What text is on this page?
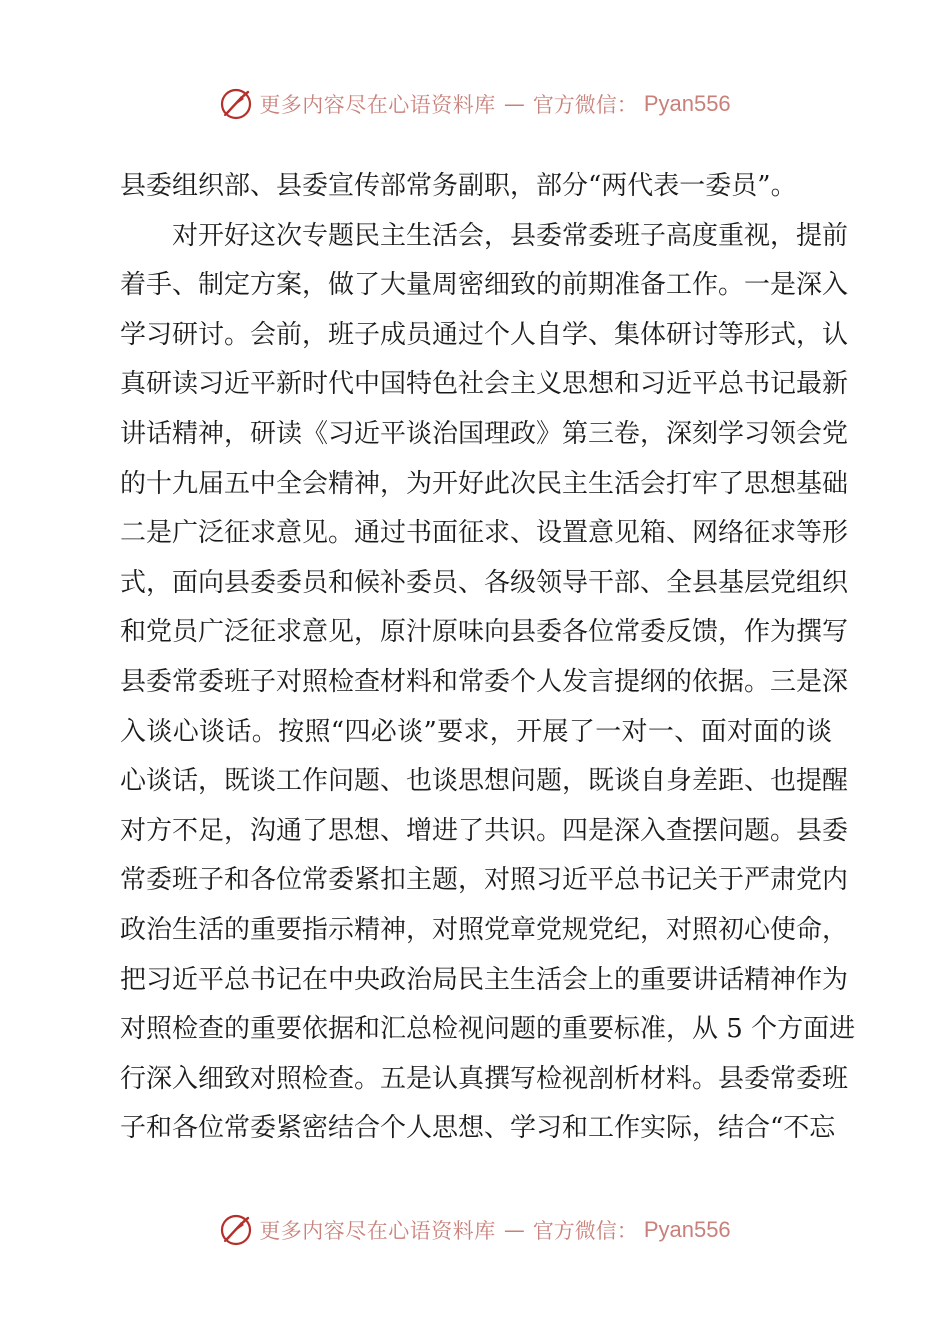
更多内容尽在心语资料库 — 官方微信： Pyan556
县委组织部、县委宣传部常务副职，部分“两代表一委员”。
对开好这次专题民主生活会，县委常委班子高度重视，提前
着手、制定方案，做了大量周密细致的前期准备工作。一是深入
学习研讨。会前，班子成员通过个人自学、集体研讨等形式，认
真研读习近平新时代中国特色社会主义思想和习近平总书记最新
讲话精神，研读《习近平谈治国理政》第三卷，深刻学习领会党
的十九届五中全会精神，为开好此次民主生活会打牢了思想基础
二是广泛征求意见。通过书面征求、设置意见箱、网络征求等形
式，面向县委委员和候补委员、各级领导干部、全县基层党组织
和党员广泛征求意见，原汁原味向县委各位常委反馈，作为撰写
县委常委班子对照检查材料和常委个人发言提纲的依据。三是深
入谈心谈话。按照“四必谈”要求，开展了一对一、面对面的谈
心谈话，既谈工作问题、也谈思想问题，既谈自身差距、也提醒
对方不足，沟通了思想、增进了共识。四是深入查摆问题。县委
常委班子和各位常委紧扣主题，对照习近平总书记关于严肃党内
政治生活的重要指示精神，对照党章党规党纪，对照初心使命，
把习近平总书记在中央政治局民主生活会上的重要讲话精神作为
对照检查的重要依据和汇总检视问题的重要标准，从 5 个方面进
行深入细致对照检查。五是认真撰写检视剖析材料。县委常委班
子和各位常委紧密结合个人思想、学习和工作实际，结合“不忘
更多内容尽在心语资料库 — 官方微信： Pyan556
